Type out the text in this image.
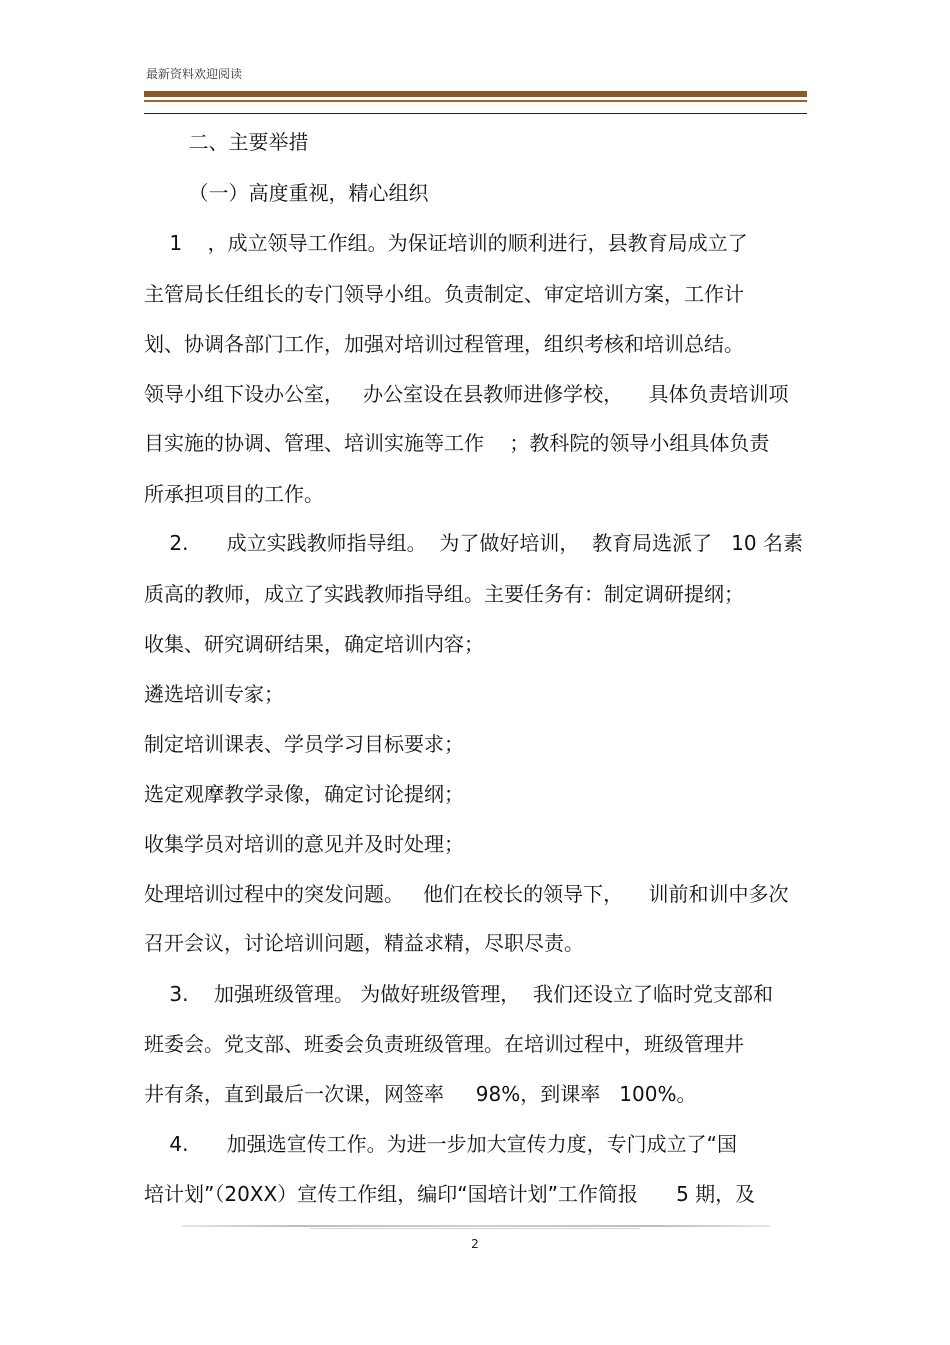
最新资料欢迎阅读
二、主要举措
（一）高度重视，精心组织
1    ，成立领导工作组。为保证培训的顺利进行，县教育局成立了
主管局长任组长的专门领导小组。负责制定、审定培训方案，工作计
划、协调各部门工作，加强对培训过程管理，组织考核和培训总结。
领导小组下设办公室，   办公室设在县教师进修学校，    具体负责培训项
目实施的协调、管理、培训实施等工作    ；教科院的领导小组具体负责
所承担项目的工作。
2.      成立实践教师指导组。  为了做好培训，  教育局选派了   10 名素
质高的教师，成立了实践教师指导组。主要任务有：制定调研提纲；
收集、研究调研结果，确定培训内容；
遴选培训专家；
制定培训课表、学员学习目标要求；
选定观摩教学录像，确定讨论提纲；
收集学员对培训的意见并及时处理；
处理培训过程中的突发问题。   他们在校长的领导下，    训前和训中多次
召开会议，讨论培训问题，精益求精，尽职尽责。
3.    加强班级管理。 为做好班级管理，  我们还设立了临时党支部和
班委会。党支部、班委会负责班级管理。在培训过程中，班级管理井
井有条，直到最后一次课，网签率     98%，到课率   100%。
4.      加强选宣传工作。为进一步加大宣传力度，专门成立了“国
培计划”（20XX）宣传工作组，编印“国培计划”工作简报      5 期，及
2
